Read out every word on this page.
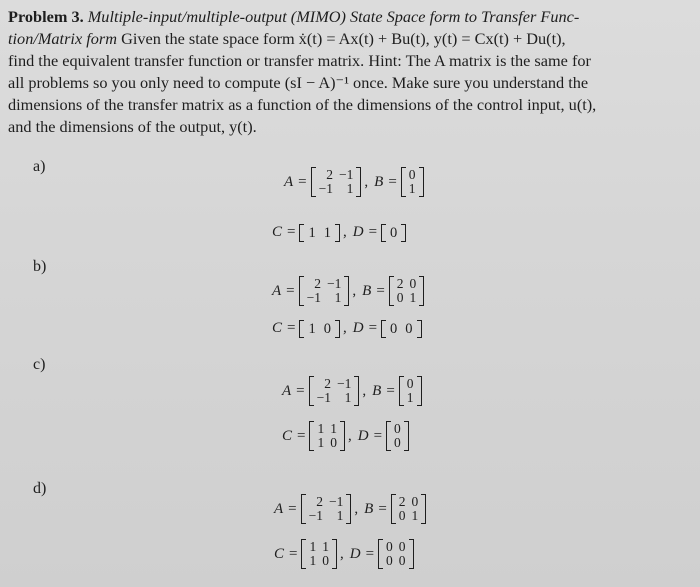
Problem 3. Multiple-input/multiple-output (MIMO) State Space form to Transfer Func-
tion/Matrix form Given the state space form ẋ(t) = Ax(t) + Bu(t), y(t) = Cx(t) + Du(t),
find the equivalent transfer function or transfer matrix. Hint: The A matrix is the same for
all problems so you only need to compute (sI − A)⁻¹ once. Make sure you understand the
dimensions of the transfer matrix as a function of the dimensions of the control input, u(t),
and the dimensions of the output, y(t).
a)
A = 2	−1
−1	1 , B = 0
1
C = 1	1 , D = 0
b)
A = 2	−1
−1	1 , B = 2	0
0	1
C = 1	0 , D = 0	0
c)
A = 2	−1
−1	1 , B = 0
1
C = 1	1
1	0 , D = 0
0
d)
A = 2	−1
−1	1 , B = 2	0
0	1
C = 1	1
1	0 , D = 0	0
0	0
